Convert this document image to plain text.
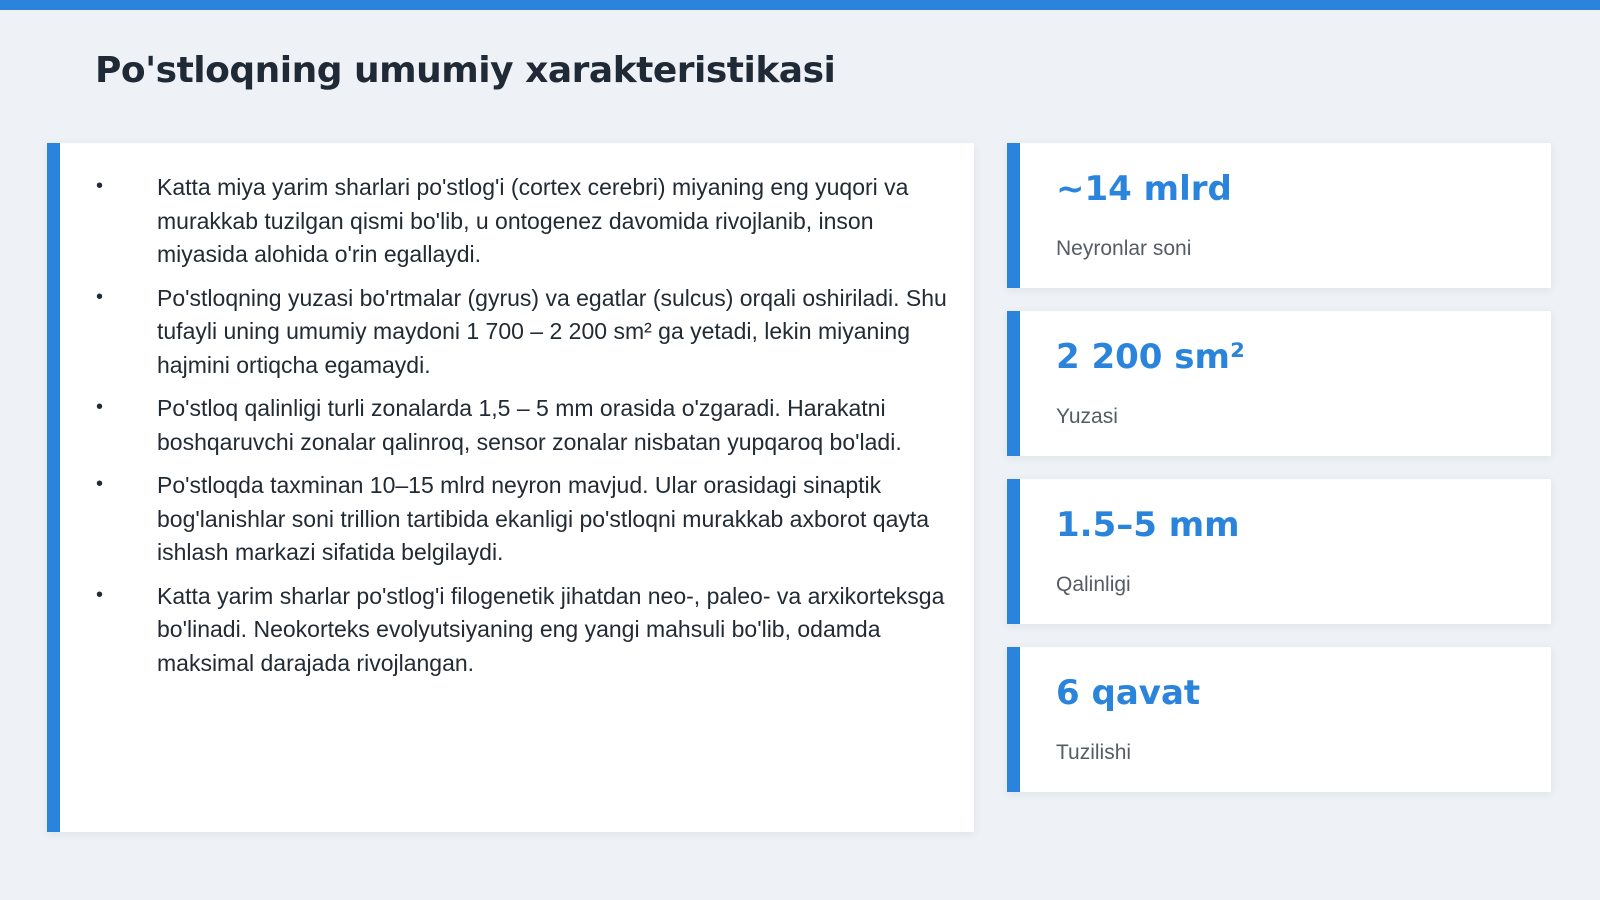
Po'stloqning umumiy xarakteristikasi
• Katta miya yarim sharlari po'stlog'i (cortex cerebri) miyaning eng yuqori va murakkab tuzilgan qismi bo'lib, u ontogenez davomida rivojlanib, inson miyasida alohida o'rin egallaydi.
• Po'stloqning yuzasi bo'rtmalar (gyrus) va egatlar (sulcus) orqali oshiriladi. Shu tufayli uning umumiy maydoni 1 700 – 2 200 sm² ga yetadi, lekin miyaning hajmini ortiqcha egamaydi.
• Po'stloq qalinligi turli zonalarda 1,5 – 5 mm orasida o'zgaradi. Harakatni boshqaruvchi zonalar qalinroq, sensor zonalar nisbatan yupqaroq bo'ladi.
• Po'stloqda taxminan 10–15 mlrd neyron mavjud. Ular orasidagi sinaptik bog'lanishlar soni trillion tartibida ekanligi po'stloqni murakkab axborot qayta ishlash markazi sifatida belgilaydi.
• Katta yarim sharlar po'stlog'i filogenetik jihatdan neo-, paleo- va arxikorteksga bo'linadi. Neokorteks evolyutsiyaning eng yangi mahsuli bo'lib, odamda maksimal darajada rivojlangan.
~14 mlrd
Neyronlar soni
2 200 sm²
Yuzasi
1.5–5 mm
Qalinligi
6 qavat
Tuzilishi
